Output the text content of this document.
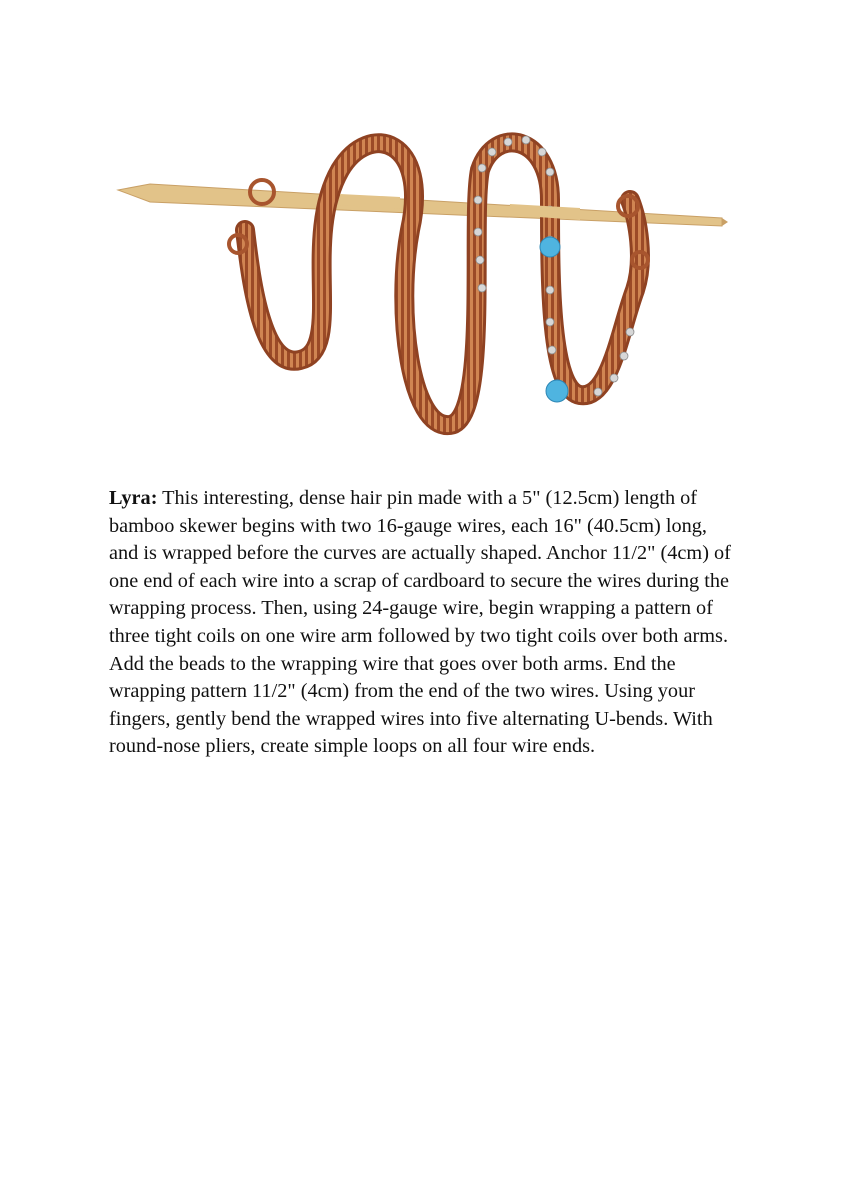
Lyra: This interesting, dense hair pin made with a 5" (12.5cm) length of bamboo skewer begins with two 16-gauge wires, each 16" (40.5cm) long, and is wrapped before the curves are actually shaped. Anchor 11/2" (4cm) of one end of each wire into a scrap of cardboard to secure the wires during the wrapping process. Then, using 24-gauge wire, begin wrapping a pattern of three tight coils on one wire arm followed by two tight coils over both arms. Add the beads to the wrapping wire that goes over both arms. End the wrapping pattern 11/2" (4cm) from the end of the two wires. Using your fingers, gently bend the wrapped wires into five alternating U-bends. With round-nose pliers, create simple loops on all four wire ends.
